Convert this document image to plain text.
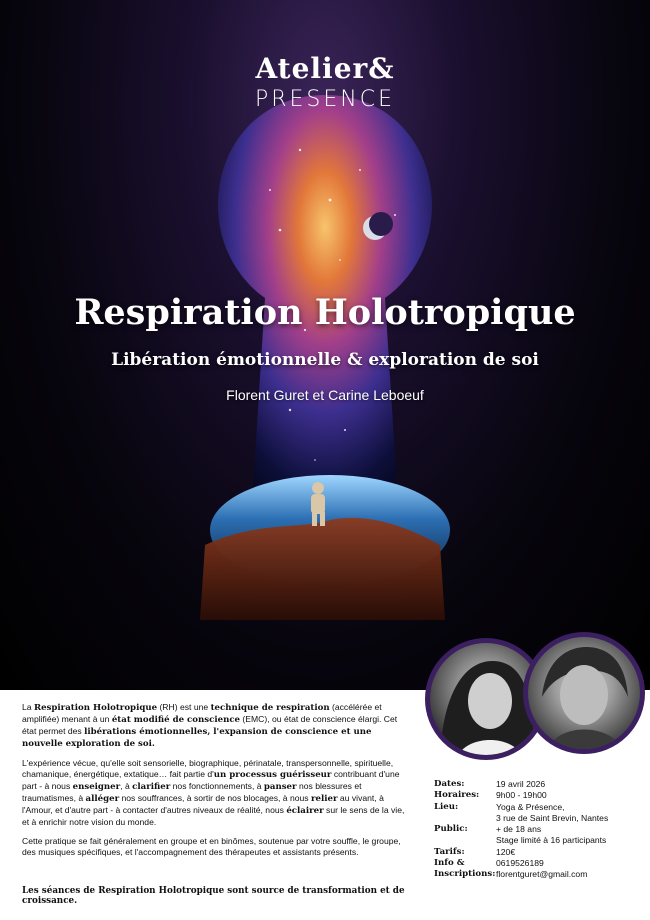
Atelier&
PRESENCE
Respiration Holotropique
Libération émotionnelle & exploration de soi
Florent Guret et Carine Leboeuf

La Respiration Holotropique (RH) est une technique de respiration (accélérée et amplifiée) menant à un état modifié de conscience (EMC), ou état de conscience élargi. Cet état permet des libérations émotionnelles, l'expansion de conscience et une nouvelle exploration de soi.

L'expérience vécue, qu'elle soit sensorielle, biographique, périnatale, transpersonnelle, spirituelle, chamanique, énergétique, extatique… fait partie d'un processus guérisseur contribuant d'une part - à nous enseigner, à clarifier nos fonctionnements, à panser nos blessures et traumatismes, à alléger nos souffrances, à sortir de nos blocages, à nous relier au vivant, à l'Amour, et d'autre part - à contacter d'autres niveaux de réalité, nous éclairer sur le sens de la vie, et à enrichir notre vision du monde.

Cette pratique se fait généralement en groupe et en binômes, soutenue par votre souffle, le groupe, des musiques spécifiques, et l'accompagnement des thérapeutes et assistants présents.

Les séances de Respiration Holotropique sont source de transformation et de croissance.
Dates:	19 avril 2026
Horaires:	9h00 - 19h00
Lieu:	Yoga & Présence,
3 rue de Saint Brevin, Nantes
Public:	+ de 18 ans
Stage limité à 16 participants
Tarifs:	120€
Info &	0619526189
Inscriptions: florentguret@gmail.com
